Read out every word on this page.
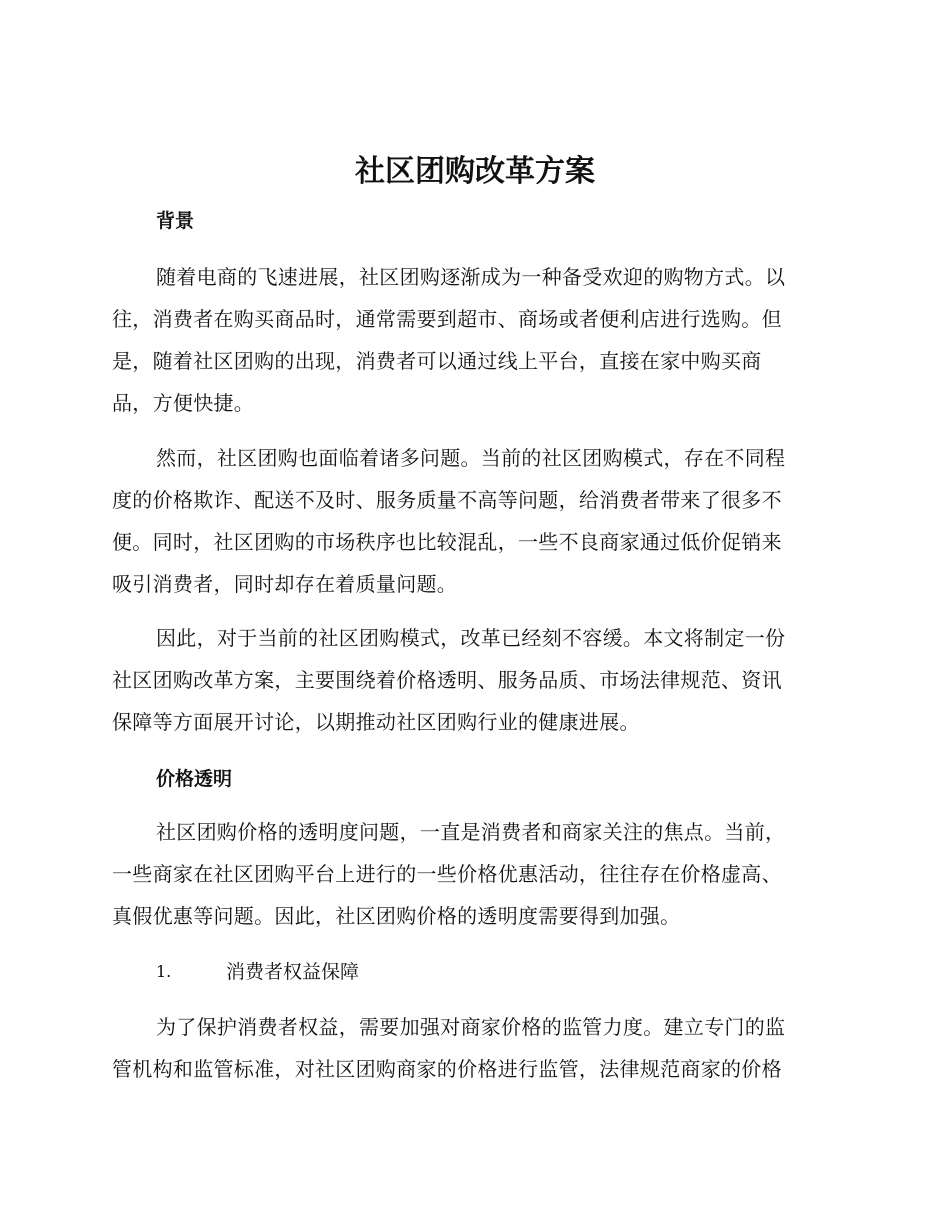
社区团购改革方案
背景
随着电商的飞速进展，社区团购逐渐成为一种备受欢迎的购物方式。以
往，消费者在购买商品时，通常需要到超市、商场或者便利店进行选购。但
是，随着社区团购的出现，消费者可以通过线上平台，直接在家中购买商
品，方便快捷。
然而，社区团购也面临着诸多问题。当前的社区团购模式，存在不同程
度的价格欺诈、配送不及时、服务质量不高等问题，给消费者带来了很多不
便。同时，社区团购的市场秩序也比较混乱，一些不良商家通过低价促销来
吸引消费者，同时却存在着质量问题。
因此，对于当前的社区团购模式，改革已经刻不容缓。本文将制定一份
社区团购改革方案，主要围绕着价格透明、服务品质、市场法律规范、资讯
保障等方面展开讨论，以期推动社区团购行业的健康进展。
价格透明
社区团购价格的透明度问题，一直是消费者和商家关注的焦点。当前，
一些商家在社区团购平台上进行的一些价格优惠活动，往往存在价格虚高、
真假优惠等问题。因此，社区团购价格的透明度需要得到加强。
1.	消费者权益保障
为了保护消费者权益，需要加强对商家价格的监管力度。建立专门的监
管机构和监管标准，对社区团购商家的价格进行监管，法律规范商家的价格
